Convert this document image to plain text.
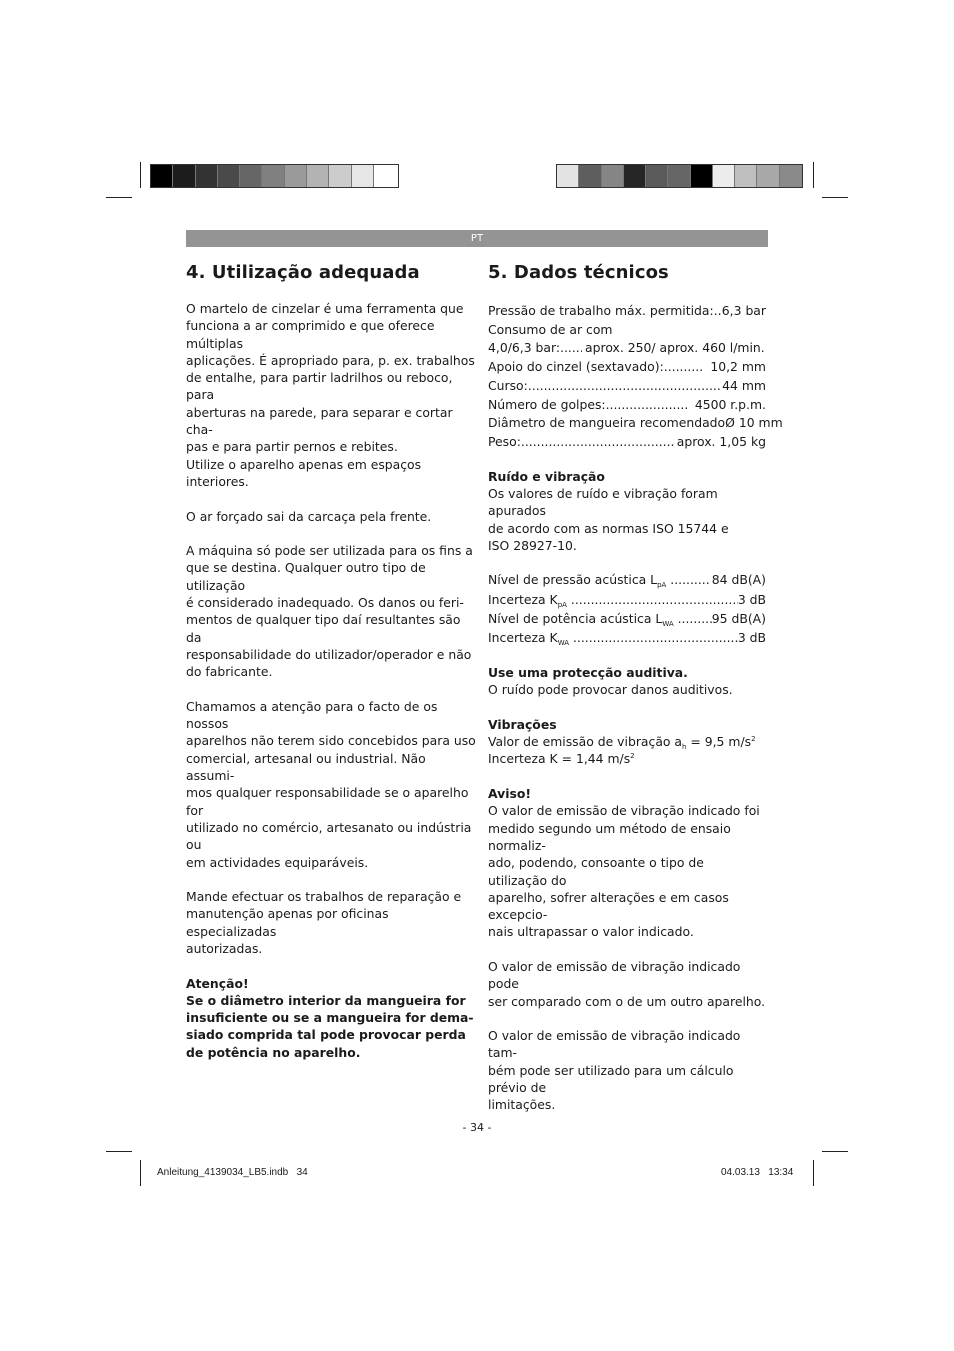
PT
4. Utilização adequada

O martelo de cinzelar é uma ferramenta que

funciona a ar comprimido e que oferece múltiplas

aplicações. É apropriado para, p. ex. trabalhos

de entalhe, para partir ladrilhos ou reboco, para

aberturas na parede, para separar e cortar cha-

pas e para partir pernos e rebites.

Utilize o aparelho apenas em espaços interiores.

O ar forçado sai da carcaça pela frente.

A máquina só pode ser utilizada para os fins a

que se destina. Qualquer outro tipo de utilização

é considerado inadequado. Os danos ou feri-

mentos de qualquer tipo daí resultantes são da

responsabilidade do utilizador/operador e não

do fabricante.

Chamamos a atenção para o facto de os nossos

aparelhos não terem sido concebidos para uso

comercial, artesanal ou industrial. Não assumi-

mos qualquer responsabilidade se o aparelho for

utilizado no comércio, artesanato ou indústria ou

em actividades equiparáveis.

Mande efectuar os trabalhos de reparação e

manutenção apenas por oficinas especializadas

autorizadas.

Atenção!

Se o diâmetro interior da mangueira for

insuficiente ou se a mangueira for dema-

siado comprida tal pode provocar perda

de potência no aparelho.

5. Dados técnicos
Pressão de trabalho máx. permitida: ..... 6,3 bar

Consumo de ar com

4,0/6,3 bar: ..... aprox. 250/ aprox. 460 l/min.
Apoio do cinzel (sextavado): .....	10,2 mm
Curso: .....	44 mm
Número de golpes: .....	4500 r.p.m.
Diâmetro de mangueira recomendado Ø 10 mm
Peso: .....	aprox. 1,05 kg

Ruído e vibração

Os valores de ruído e vibração foram apurados

de acordo com as normas ISO 15744 e

ISO 28927-10.

Nível de pressão acústica $L_{pA}$ .....	84 dB(A)
Incerteza $K_{pA}$ .....	3 dB
Nível de potência acústica $L_{WA}$ .....	95 dB(A)
Incerteza $K_{WA}$ .....	3 dB

Use uma protecção auditiva.

O ruído pode provocar danos auditivos.

Vibrações

Valor de emissão de vibração $a_h = 9,5$ $m/s^2$

Incerteza K = 1,44 $m/s^2$

Aviso!

O valor de emissão de vibração indicado foi

medido segundo um método de ensaio normaliz-

ado, podendo, consoante o tipo de utilização do

aparelho, sofrer alterações e em casos excepcio-

nais ultrapassar o valor indicado.

O valor de emissão de vibração indicado pode

ser comparado com o de um outro aparelho.

O valor de emissão de vibração indicado tam-

bém pode ser utilizado para um cálculo prévio de

limitações.

- 34 -
Anleitung_4139034_LB5.indb   34	04.03.13   13:34
